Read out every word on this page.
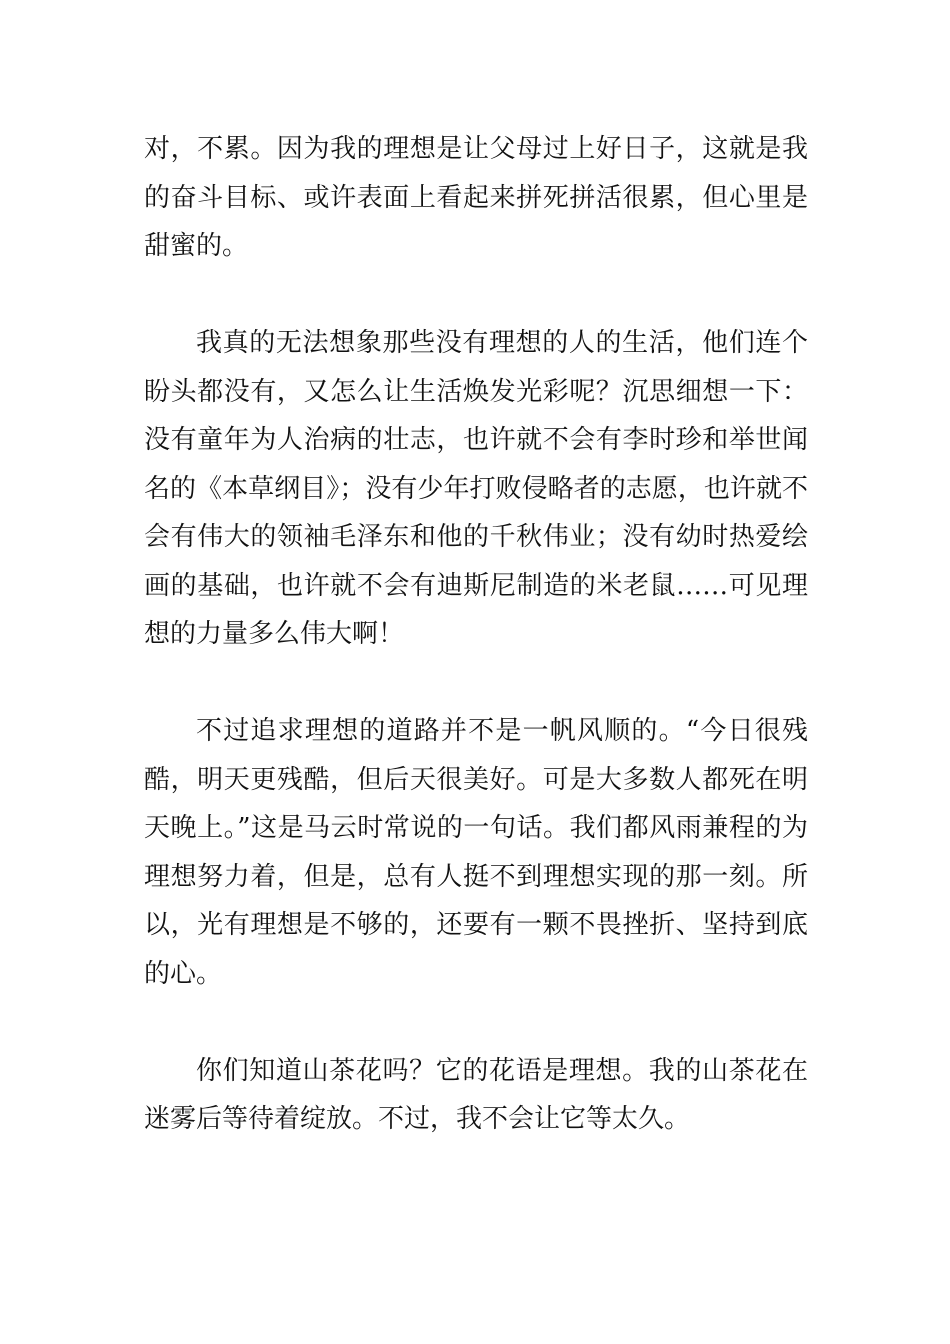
对，不累。因为我的理想是让父母过上好日子，这就是我的奋斗目标、或许表面上看起来拼死拼活很累，但心里是甜蜜的。

我真的无法想象那些没有理想的人的生活，他们连个盼头都没有，又怎么让生活焕发光彩呢？沉思细想一下：没有童年为人治病的壮志，也许就不会有李时珍和举世闻名的《本草纲目》；没有少年打败侵略者的志愿，也许就不会有伟大的领袖毛泽东和他的千秋伟业；没有幼时热爱绘画的基础，也许就不会有迪斯尼制造的米老鼠……可见理想的力量多么伟大啊！

不过追求理想的道路并不是一帆风顺的。“今日很残酷，明天更残酷，但后天很美好。可是大多数人都死在明天晚上。”这是马云时常说的一句话。我们都风雨兼程的为理想努力着，但是，总有人挺不到理想实现的那一刻。所以，光有理想是不够的，还要有一颗不畏挫折、坚持到底的心。

你们知道山茶花吗？它的花语是理想。我的山茶花在迷雾后等待着绽放。不过，我不会让它等太久。
